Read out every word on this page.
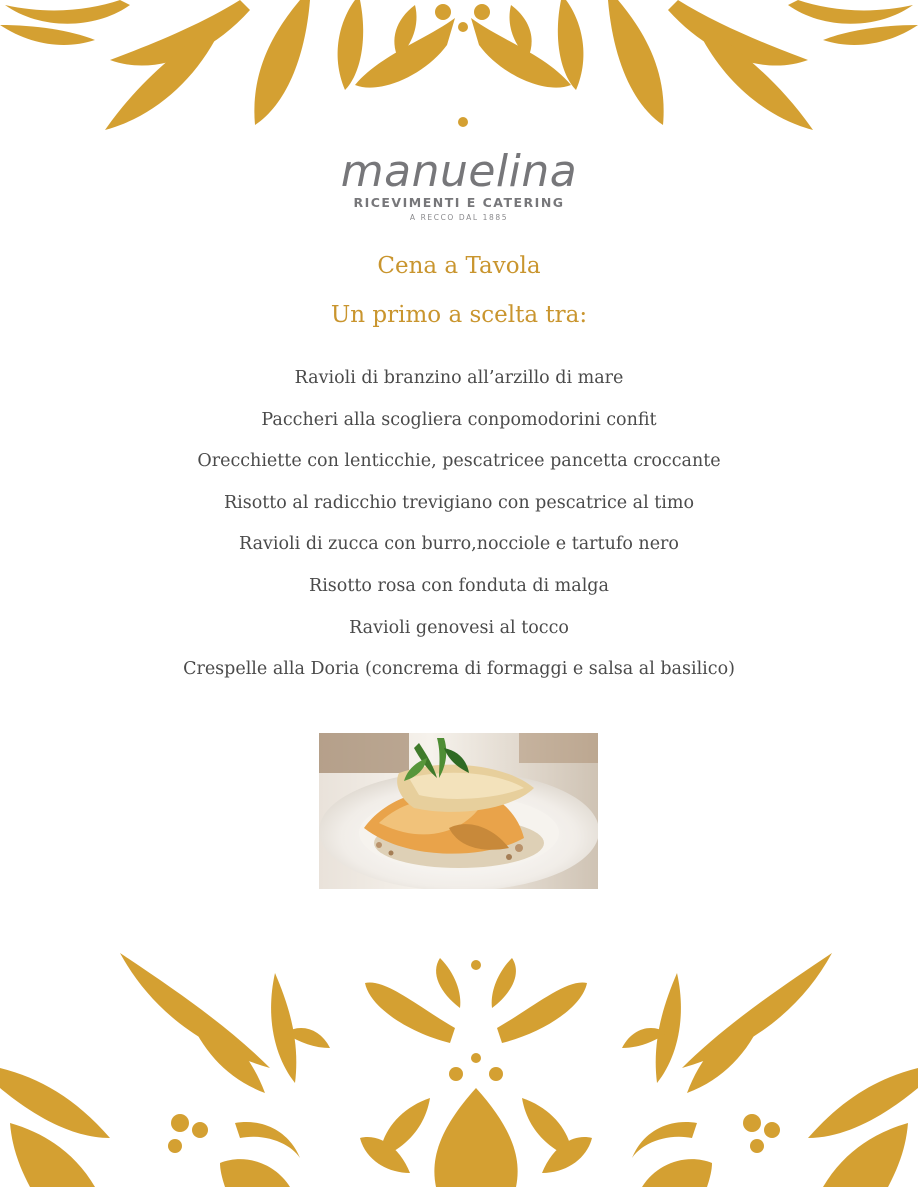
manuelina
RICEVIMENTI E CATERING
A RECCO DAL 1885
Cena a Tavola
Un primo a scelta tra:
Ravioli di branzino all’arzillo di mare
Paccheri alla scogliera conpomodorini confit
Orecchiette con lenticchie, pescatricee pancetta croccante
Risotto al radicchio trevigiano con pescatrice al timo
Ravioli di zucca con burro,nocciole e tartufo nero
Risotto rosa con fonduta di malga
Ravioli genovesi al tocco
Crespelle alla Doria (concrema di formaggi e salsa al basilico)
